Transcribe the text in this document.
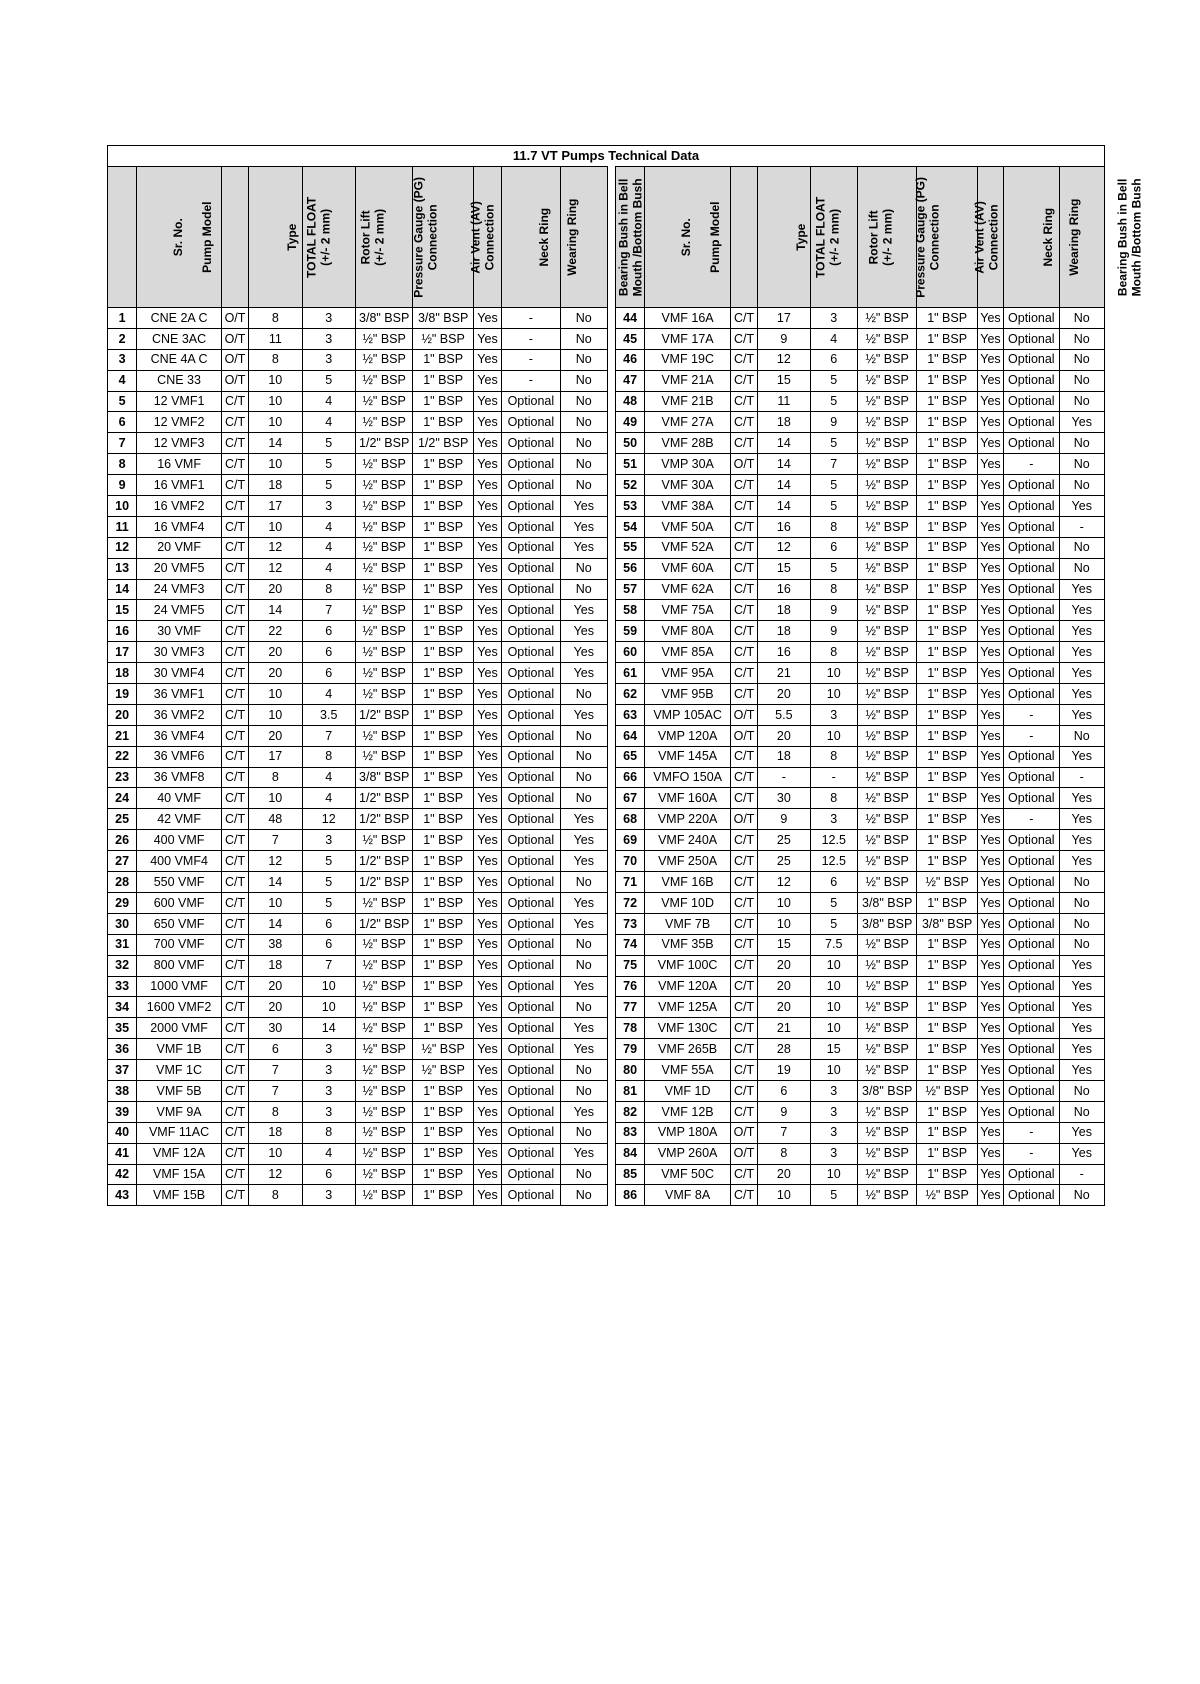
11.7 VT Pumps Technical Data
Sr. No.	Pump Model	Type	TOTAL FLOAT
(+/- 2 mm)	Rotor Lift
(+/- 2 mm)	Pressure Gauge (PG)
Connection	Air Vent (AV)
Connection	Neck Ring	Wearing Ring	Bearing Bush in Bell
Mouth /Bottom Bush		Sr. No.	Pump Model	Type	TOTAL FLOAT
(+/- 2 mm)	Rotor Lift
(+/- 2 mm)	Pressure Gauge (PG)
Connection	Air Vent (AV)
Connection	Neck Ring	Wearing Ring	Bearing Bush in Bell
Mouth /Bottom Bush
1	CNE 2A C	O/T	8	3	3/8" BSP	3/8" BSP	Yes	-	No		44	VMF 16A	C/T	17	3	½" BSP	1" BSP	Yes	Optional	No
2	CNE 3AC	O/T	11	3	½" BSP	½" BSP	Yes	-	No		45	VMF 17A	C/T	9	4	½" BSP	1" BSP	Yes	Optional	No
3	CNE 4A C	O/T	8	3	½" BSP	1" BSP	Yes	-	No		46	VMF 19C	C/T	12	6	½" BSP	1" BSP	Yes	Optional	No
4	CNE 33	O/T	10	5	½" BSP	1" BSP	Yes	-	No		47	VMF 21A	C/T	15	5	½" BSP	1" BSP	Yes	Optional	No
5	12 VMF1	C/T	10	4	½" BSP	1" BSP	Yes	Optional	No		48	VMF 21B	C/T	11	5	½" BSP	1" BSP	Yes	Optional	No
6	12 VMF2	C/T	10	4	½" BSP	1" BSP	Yes	Optional	No		49	VMF 27A	C/T	18	9	½" BSP	1" BSP	Yes	Optional	Yes
7	12 VMF3	C/T	14	5	1/2" BSP	1/2" BSP	Yes	Optional	No		50	VMF 28B	C/T	14	5	½" BSP	1" BSP	Yes	Optional	No
8	16 VMF	C/T	10	5	½" BSP	1" BSP	Yes	Optional	No		51	VMP 30A	O/T	14	7	½" BSP	1" BSP	Yes	-	No
9	16 VMF1	C/T	18	5	½" BSP	1" BSP	Yes	Optional	No		52	VMF 30A	C/T	14	5	½" BSP	1" BSP	Yes	Optional	No
10	16 VMF2	C/T	17	3	½" BSP	1" BSP	Yes	Optional	Yes		53	VMF 38A	C/T	14	5	½" BSP	1" BSP	Yes	Optional	Yes
11	16 VMF4	C/T	10	4	½" BSP	1" BSP	Yes	Optional	Yes		54	VMF 50A	C/T	16	8	½" BSP	1" BSP	Yes	Optional	-
12	20 VMF	C/T	12	4	½" BSP	1" BSP	Yes	Optional	Yes		55	VMF 52A	C/T	12	6	½" BSP	1" BSP	Yes	Optional	No
13	20 VMF5	C/T	12	4	½" BSP	1" BSP	Yes	Optional	No		56	VMF 60A	C/T	15	5	½" BSP	1" BSP	Yes	Optional	No
14	24 VMF3	C/T	20	8	½" BSP	1" BSP	Yes	Optional	No		57	VMF 62A	C/T	16	8	½" BSP	1" BSP	Yes	Optional	Yes
15	24 VMF5	C/T	14	7	½" BSP	1" BSP	Yes	Optional	Yes		58	VMF 75A	C/T	18	9	½" BSP	1" BSP	Yes	Optional	Yes
16	30 VMF	C/T	22	6	½" BSP	1" BSP	Yes	Optional	Yes		59	VMF 80A	C/T	18	9	½" BSP	1" BSP	Yes	Optional	Yes
17	30 VMF3	C/T	20	6	½" BSP	1" BSP	Yes	Optional	Yes		60	VMF 85A	C/T	16	8	½" BSP	1" BSP	Yes	Optional	Yes
18	30 VMF4	C/T	20	6	½" BSP	1" BSP	Yes	Optional	Yes		61	VMF 95A	C/T	21	10	½" BSP	1" BSP	Yes	Optional	Yes
19	36 VMF1	C/T	10	4	½" BSP	1" BSP	Yes	Optional	No		62	VMF 95B	C/T	20	10	½" BSP	1" BSP	Yes	Optional	Yes
20	36 VMF2	C/T	10	3.5	1/2" BSP	1" BSP	Yes	Optional	Yes		63	VMP 105AC	O/T	5.5	3	½" BSP	1" BSP	Yes	-	Yes
21	36 VMF4	C/T	20	7	½" BSP	1" BSP	Yes	Optional	No		64	VMP 120A	O/T	20	10	½" BSP	1" BSP	Yes	-	No
22	36 VMF6	C/T	17	8	½" BSP	1" BSP	Yes	Optional	No		65	VMF 145A	C/T	18	8	½" BSP	1" BSP	Yes	Optional	Yes
23	36 VMF8	C/T	8	4	3/8" BSP	1" BSP	Yes	Optional	No		66	VMFO 150A	C/T	-	-	½" BSP	1" BSP	Yes	Optional	-
24	40 VMF	C/T	10	4	1/2" BSP	1" BSP	Yes	Optional	No		67	VMF 160A	C/T	30	8	½" BSP	1" BSP	Yes	Optional	Yes
25	42 VMF	C/T	48	12	1/2" BSP	1" BSP	Yes	Optional	Yes		68	VMP 220A	O/T	9	3	½" BSP	1" BSP	Yes	-	Yes
26	400 VMF	C/T	7	3	½" BSP	1" BSP	Yes	Optional	Yes		69	VMF 240A	C/T	25	12.5	½" BSP	1" BSP	Yes	Optional	Yes
27	400 VMF4	C/T	12	5	1/2" BSP	1" BSP	Yes	Optional	Yes		70	VMF 250A	C/T	25	12.5	½" BSP	1" BSP	Yes	Optional	Yes
28	550 VMF	C/T	14	5	1/2" BSP	1" BSP	Yes	Optional	No		71	VMF 16B	C/T	12	6	½" BSP	½" BSP	Yes	Optional	No
29	600 VMF	C/T	10	5	½" BSP	1" BSP	Yes	Optional	Yes		72	VMF 10D	C/T	10	5	3/8" BSP	1" BSP	Yes	Optional	No
30	650 VMF	C/T	14	6	1/2" BSP	1" BSP	Yes	Optional	Yes		73	VMF 7B	C/T	10	5	3/8" BSP	3/8" BSP	Yes	Optional	No
31	700 VMF	C/T	38	6	½" BSP	1" BSP	Yes	Optional	No		74	VMF 35B	C/T	15	7.5	½" BSP	1" BSP	Yes	Optional	No
32	800 VMF	C/T	18	7	½" BSP	1" BSP	Yes	Optional	No		75	VMF 100C	C/T	20	10	½" BSP	1" BSP	Yes	Optional	Yes
33	1000 VMF	C/T	20	10	½" BSP	1" BSP	Yes	Optional	Yes		76	VMF 120A	C/T	20	10	½" BSP	1" BSP	Yes	Optional	Yes
34	1600 VMF2	C/T	20	10	½" BSP	1" BSP	Yes	Optional	No		77	VMF 125A	C/T	20	10	½" BSP	1" BSP	Yes	Optional	Yes
35	2000 VMF	C/T	30	14	½" BSP	1" BSP	Yes	Optional	Yes		78	VMF 130C	C/T	21	10	½" BSP	1" BSP	Yes	Optional	Yes
36	VMF 1B	C/T	6	3	½" BSP	½" BSP	Yes	Optional	Yes		79	VMF 265B	C/T	28	15	½" BSP	1" BSP	Yes	Optional	Yes
37	VMF 1C	C/T	7	3	½" BSP	½" BSP	Yes	Optional	No		80	VMF 55A	C/T	19	10	½" BSP	1" BSP	Yes	Optional	Yes
38	VMF 5B	C/T	7	3	½" BSP	1" BSP	Yes	Optional	No		81	VMF 1D	C/T	6	3	3/8" BSP	½" BSP	Yes	Optional	No
39	VMF 9A	C/T	8	3	½" BSP	1" BSP	Yes	Optional	Yes		82	VMF 12B	C/T	9	3	½" BSP	1" BSP	Yes	Optional	No
40	VMF 11AC	C/T	18	8	½" BSP	1" BSP	Yes	Optional	No		83	VMP 180A	O/T	7	3	½" BSP	1" BSP	Yes	-	Yes
41	VMF 12A	C/T	10	4	½" BSP	1" BSP	Yes	Optional	Yes		84	VMP 260A	O/T	8	3	½" BSP	1" BSP	Yes	-	Yes
42	VMF 15A	C/T	12	6	½" BSP	1" BSP	Yes	Optional	No		85	VMF 50C	C/T	20	10	½" BSP	1" BSP	Yes	Optional	-
43	VMF 15B	C/T	8	3	½" BSP	1" BSP	Yes	Optional	No		86	VMF 8A	C/T	10	5	½" BSP	½" BSP	Yes	Optional	No
